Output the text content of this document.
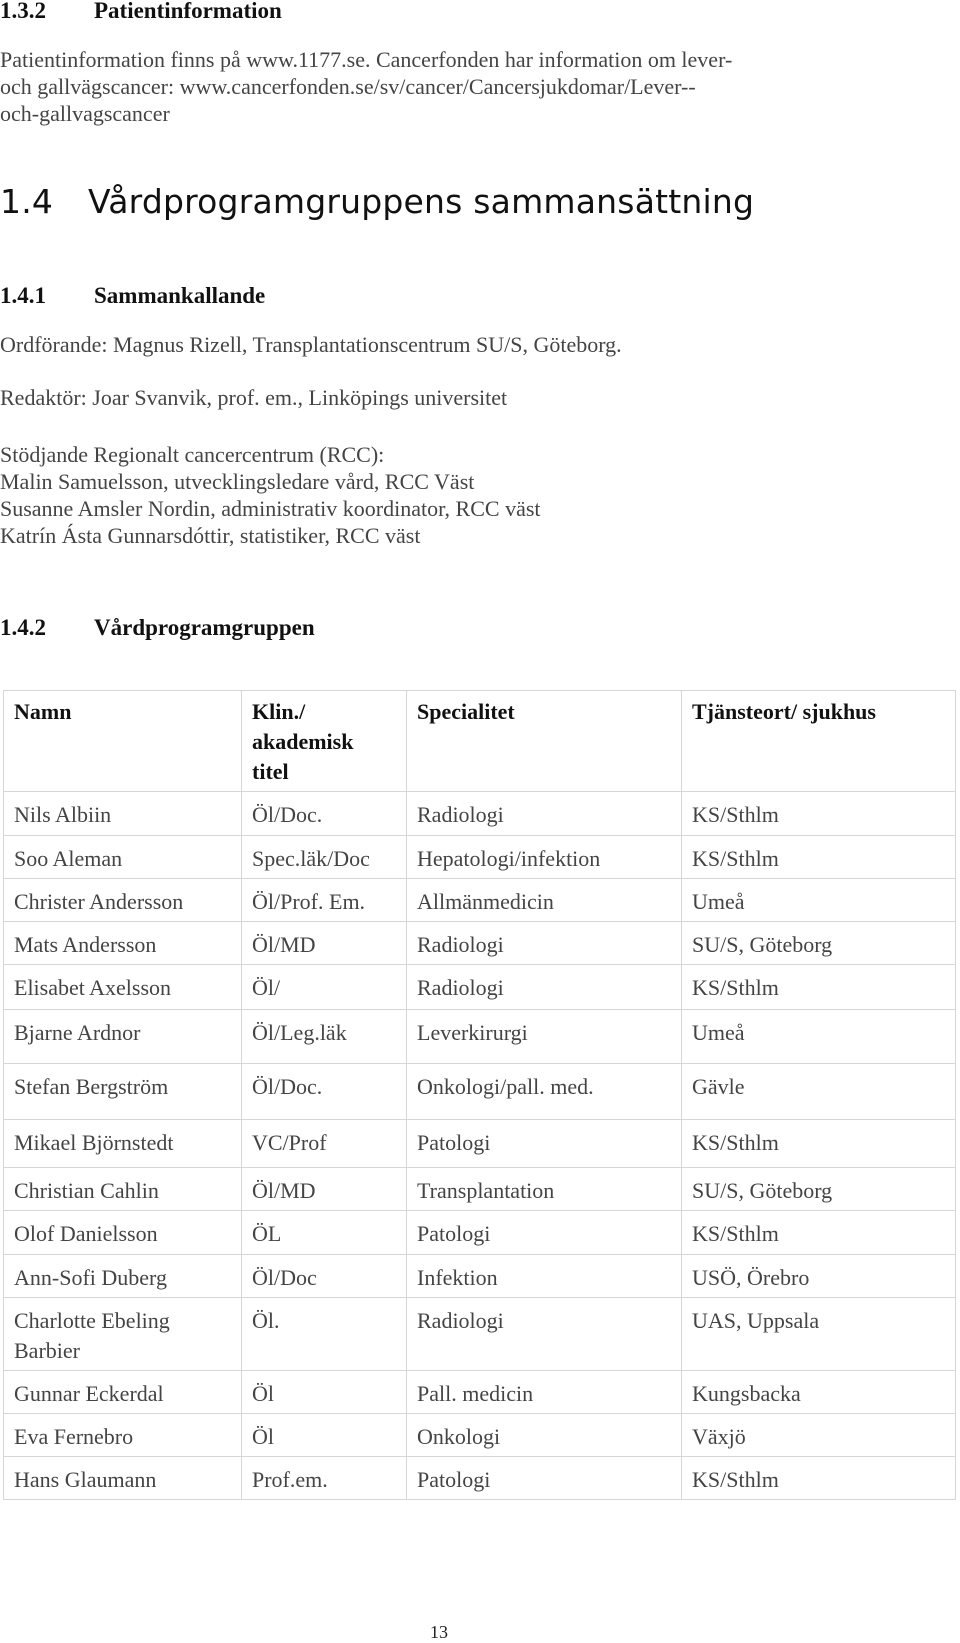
1.3.2 Patientinformation

Patientinformation finns på www.1177.se. Cancerfonden har information om lever-

och gallvägscancer: www.cancerfonden.se/sv/cancer/Cancersjukdomar/Lever--

och-gallvagscancer

1.4 Vårdprogramgruppens sammansättning
1.4.1 Sammankallande

Ordförande: Magnus Rizell, Transplantationscentrum SU/S, Göteborg.

Redaktör: Joar Svanvik, prof. em., Linköpings universitet

Stödjande Regionalt cancercentrum (RCC):

Malin Samuelsson, utvecklingsledare vård, RCC Väst

Susanne Amsler Nordin, administrativ koordinator, RCC väst

Katrín Ásta Gunnarsdóttir, statistiker, RCC väst

1.4.2 Vårdprogramgruppen
Namn	Klin./ akademisk titel	Specialitet	Tjänsteort/ sjukhus
Nils Albiin	Öl/Doc.	Radiologi	KS/Sthlm
Soo Aleman	Spec.läk/Doc	Hepatologi/infektion	KS/Sthlm
Christer Andersson	Öl/Prof. Em.	Allmänmedicin	Umeå
Mats Andersson	Öl/MD	Radiologi	SU/S, Göteborg
Elisabet Axelsson	Öl/	Radiologi	KS/Sthlm
Bjarne Ardnor	Öl/Leg.läk	Leverkirurgi	Umeå
Stefan Bergström	Öl/Doc.	Onkologi/pall. med.	Gävle
Mikael Björnstedt	VC/Prof	Patologi	KS/Sthlm
Christian Cahlin	Öl/MD	Transplantation	SU/S, Göteborg
Olof Danielsson	ÖL	Patologi	KS/Sthlm
Ann-Sofi Duberg	Öl/Doc	Infektion	USÖ, Örebro
Charlotte Ebeling Barbier	Öl.	Radiologi	UAS, Uppsala
Gunnar Eckerdal	Öl	Pall. medicin	Kungsbacka
Eva Fernebro	Öl	Onkologi	Växjö
Hans Glaumann	Prof.em.	Patologi	KS/Sthlm
13
